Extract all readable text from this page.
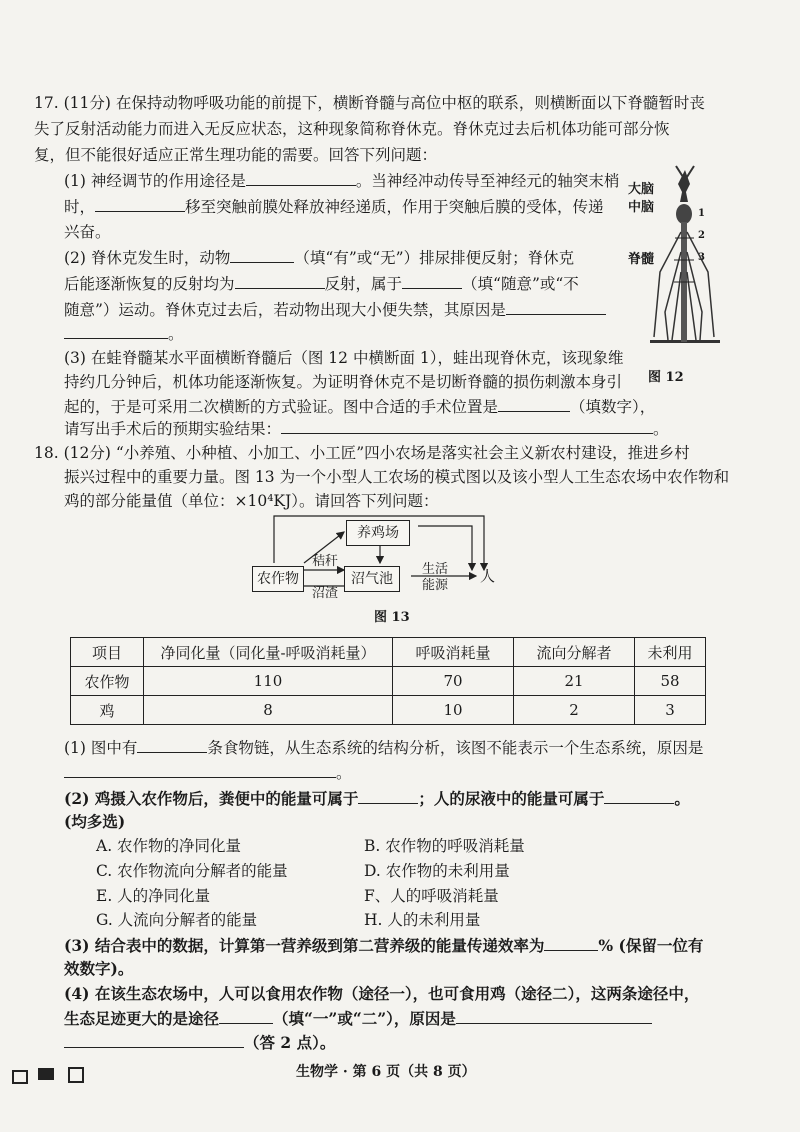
17. (11分) 在保持动物呼吸功能的前提下，横断脊髓与高位中枢的联系，则横断面以下脊髓暂时丧
失了反射活动能力而进入无反应状态，这种现象简称脊休克。脊休克过去后机体功能可部分恢
复，但不能很好适应正常生理功能的需要。回答下列问题：
(1) 神经调节的作用途径是	。当神经冲动传导至神经元的轴突末梢
时，	移至突触前膜处释放神经递质，作用于突触后膜的受体，传递
兴奋。
(2) 脊休克发生时，动物	（填“有”或“无”）排尿排便反射；脊休克
后能逐渐恢复的反射均为	反射，属于	（填“随意”或“不
随意”）运动。脊休克过去后，若动物出现大小便失禁，其原因是
。
(3) 在蛙脊髓某水平面横断脊髓后（图 12 中横断面 1），蛙出现脊休克，该现象维
持约几分钟后，机体功能逐渐恢复。为证明脊休克不是切断脊髓的损伤刺激本身引
起的，于是可采用二次横断的方式验证。图中合适的手术位置是	（填数字），
请写出手术后的预期实验结果：	。
大脑
中脑
脊髓
1
2
3
图 12
18. (12分) “小养殖、小种植、小加工、小工匠”四小农场是落实社会主义新农村建设，推进乡村
振兴过程中的重要力量。图 13 为一个小型人工农场的模式图以及该小型人工生态农场中农作物和
鸡的部分能量值（单位：×10⁴KJ）。请回答下列问题：
养鸡场
农作物	沼气池
秸秆
沼渣
生活
能源
人
图 13
项目	净同化量（同化量-呼吸消耗量）	呼吸消耗量	流向分解者	未利用
农作物	110	70	21	58
鸡	8	10	2	3
(1) 图中有	条食物链，从生态系统的结构分析，该图不能表示一个生态系统，原因是
。
(2) 鸡摄入农作物后，粪便中的能量可属于	；人的尿液中的能量可属于	。
(均多选)
A. 农作物的净同化量	B. 农作物的呼吸消耗量
C. 农作物流向分解者的能量	D. 农作物的未利用量
E. 人的净同化量	F、人的呼吸消耗量
G. 人流向分解者的能量	H. 人的未利用量
(3) 结合表中的数据，计算第一营养级到第二营养级的能量传递效率为	% (保留一位有
效数字)。
(4) 在该生态农场中，人可以食用农作物（途径一），也可食用鸡（途径二），这两条途径中，
生态足迹更大的是途径	（填“一”或“二”），原因是
（答 2 点）。
生物学 · 第 6 页（共 8 页）
